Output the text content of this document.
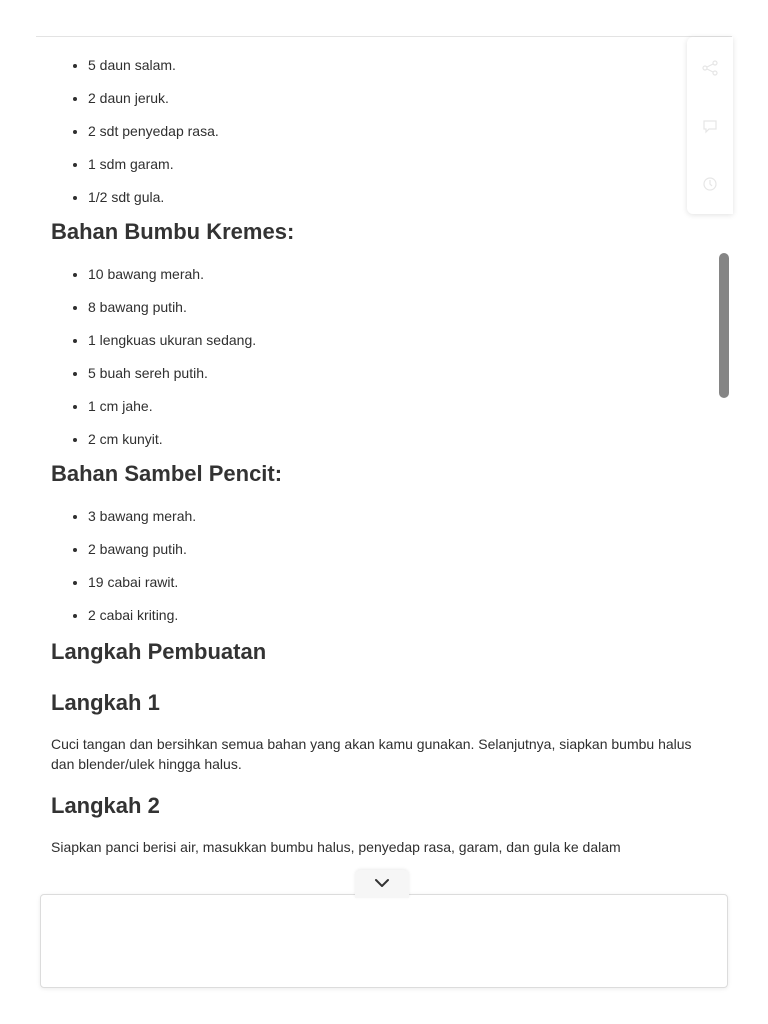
• 5 daun salam.
• 2 daun jeruk.
• 2 sdt penyedap rasa.
• 1 sdm garam.
• 1/2 sdt gula.
Bahan Bumbu Kremes:
• 10 bawang merah.
• 8 bawang putih.
• 1 lengkuas ukuran sedang.
• 5 buah sereh putih.
• 1 cm jahe.
• 2 cm kunyit.
Bahan Sambel Pencit:
• 3 bawang merah.
• 2 bawang putih.
• 19 cabai rawit.
• 2 cabai kriting.
Langkah Pembuatan
Langkah 1

Cuci tangan dan bersihkan semua bahan yang akan kamu gunakan. Selanjutnya, siapkan bumbu halus dan blender/ulek hingga halus.

Langkah 2

Siapkan panci berisi air, masukkan bumbu halus, penyedap rasa, garam, dan gula ke dalam
